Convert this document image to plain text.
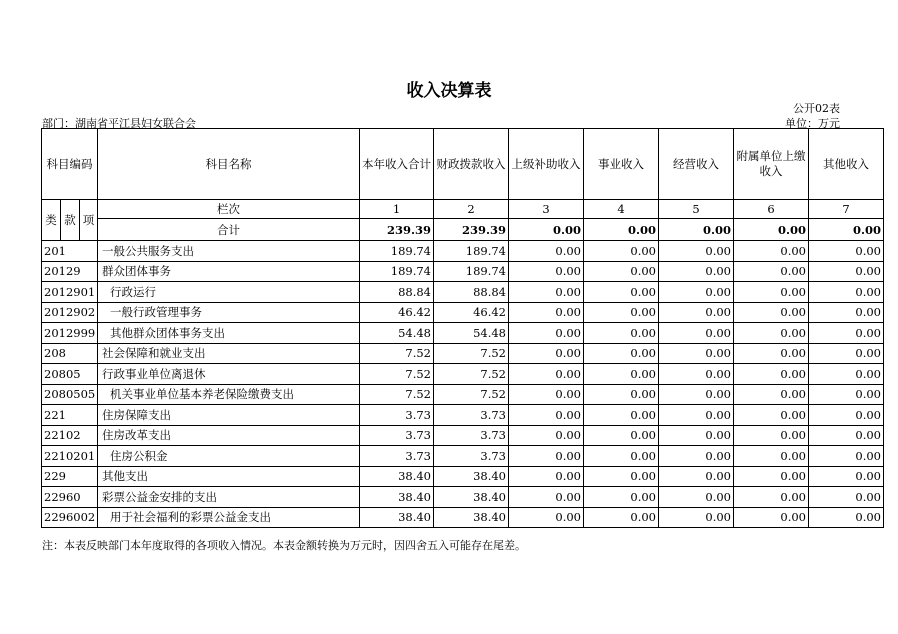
收入决算表
公开02表
部门：湖南省平江县妇女联合会	单位：万元
科目编码			科目名称	本年收入合计	财政拨款收入	上级补助收入	事业收入	经营收入	附属单位上缴收入	其他收入
类	款	项	栏次	1	2	3	4	5	6	7
			合计	239.39	239.39	0.00	0.00	0.00	0.00	0.00
201			一般公共服务支出	189.74	189.74	0.00	0.00	0.00	0.00	0.00
20129			群众团体事务	189.74	189.74	0.00	0.00	0.00	0.00	0.00
2012901			行政运行	88.84	88.84	0.00	0.00	0.00	0.00	0.00
2012902			一般行政管理事务	46.42	46.42	0.00	0.00	0.00	0.00	0.00
2012999			其他群众团体事务支出	54.48	54.48	0.00	0.00	0.00	0.00	0.00
208			社会保障和就业支出	7.52	7.52	0.00	0.00	0.00	0.00	0.00
20805			行政事业单位离退休	7.52	7.52	0.00	0.00	0.00	0.00	0.00
2080505			机关事业单位基本养老保险缴费支出	7.52	7.52	0.00	0.00	0.00	0.00	0.00
221			住房保障支出	3.73	3.73	0.00	0.00	0.00	0.00	0.00
22102			住房改革支出	3.73	3.73	0.00	0.00	0.00	0.00	0.00
2210201			住房公积金	3.73	3.73	0.00	0.00	0.00	0.00	0.00
229			其他支出	38.40	38.40	0.00	0.00	0.00	0.00	0.00
22960			彩票公益金安排的支出	38.40	38.40	0.00	0.00	0.00	0.00	0.00
2296002			用于社会福利的彩票公益金支出	38.40	38.40	0.00	0.00	0.00	0.00	0.00
注：本表反映部门本年度取得的各项收入情况。本表金额转换为万元时，因四舍五入可能存在尾差。
